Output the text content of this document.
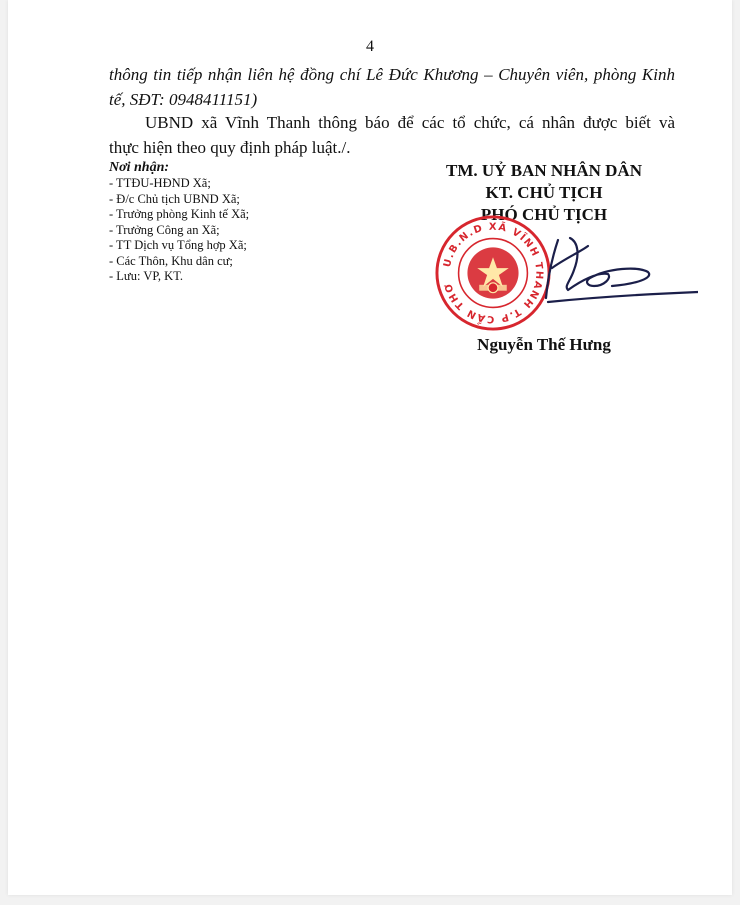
4
thông tin tiếp nhận liên hệ đồng chí Lê Đức Khương – Chuyên viên, phòng Kinh
tế, SĐT: 0948411151)
UBND xã Vĩnh Thanh thông báo để các tổ chức, cá nhân được biết và
thực hiện theo quy định pháp luật./.
Nơi nhận:
- TTĐU-HĐND Xã;
- Đ/c Chủ tịch UBND Xã;
- Trưởng phòng Kinh tế Xã;
- Trưởng Công an Xã;
- TT Dịch vụ Tổng hợp Xã;
- Các Thôn, Khu dân cư;
- Lưu: VP, KT.
TM. UỶ BAN NHÂN DÂN
KT. CHỦ TỊCH
PHÓ CHỦ TỊCH
U.B.N.D XÃ VĨNH THANH T.P CẦN THƠ
Nguyễn Thế Hưng
